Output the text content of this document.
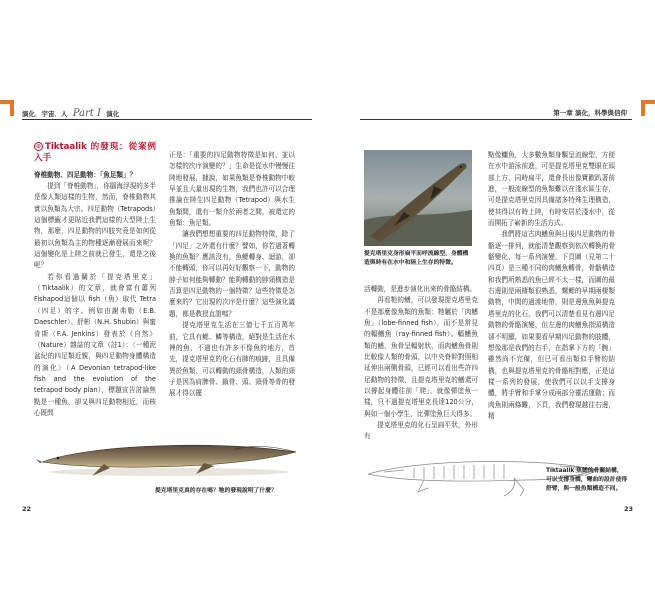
演化．宇宙．人 Part I 演化	第一章 演化，科學與信仰
⊙ Tiktaalik 的發現：從案例入手

脊椎動物、四足動物：「魚足類」？

提到「脊椎動物」，你腦海浮現的多半是像人類這樣的生物，然而，脊椎動物其實以魚類為大宗。四足動物（Tetrapods）這個標籤才更貼近我們這樣的大型陸上生物，那麼，四足動物的四肢究竟是如何從最初以魚類為主的物種逐漸發展而來呢？這個變化是上陸之前就已發生，還是之後呢？

若你看過關於「提克塔里克」（Tiktaalik）的文章，就會富有蕭列Fishapod這個以 fish（魚）取代 Tetra（四足）的字。例如由謝弗勒（E.B. Daeschler）、舒彬（N.H. Shubin）與蜜肯斯（F.A. Jenkins）發表於《自然》（Nature）雜誌的文章（註1）：〈一種泥盆紀的四足類近親，與四足動物身體構造的演化〉（A Devonian tetrapod-like fish and the evolution of the tetrapod body plan），標題宣告討論焦點是一種魚，卻又與四足動物相近，而核心既問

正是：「重要的四足動物特徵是如何、並以怎樣的次序演變的？」生命是從水中慢慢往陸地發展，據說，如果魚類是脊椎動物中較早並且大量出現的生物，我們也許可以合理推論在陸生四足動物（Tetrapod）與水生魚類間，還有一類介於兩者之間，被還定的魚類：魚足類。

讓我們想想重要的四足動物特徵，除了「四足」之外還有什麼？譬如，你若過著轉換的魚類？應該沒有，魚鰓轉身、迴游，卻不能轉頭，你可以再好好觀察一下，動物的脖子如何能夠轉動？能夠轉動的脖頸構造是否算是四足動物的一個特徵？這些特徵是怎麼來的？它出現的次序是什麼？這些演化議題，都是教授直證嗎？

提克塔里克生活在三億七千五百萬年前，它具有鰓、鱗等構造，絕對是生活在水裡的魚，不過也有許多不像魚的地方，首先，提克塔里克的化石有肺的痕跡，且具備異於魚類、可以轉動的頸骨構造，人類的頸子是因為肩脾骨、鎖骨、頭、頸骨等骨的發展才得以擺

提克塔里克真的存在嗎？牠的發現說明了什麼？
22
提克塔里克身形扁平而呼流線型，身體構造與時有在水中和陸上生存的特徵。

活轉動，是進步演化出來的骨骼結構。

再看牠的鰭，可以發現提克塔里克不是那麼像魚類的魚類：牠屬於「肉鰭魚」（lobe-finned fish），而不是常見的輻鰭魚（ray-finned fish）。輻鰭魚類的鰭，魚骨呈輻射狀，而肉鰭魚骨則比較像人類的骨頭，以中央脊幹對照相延伸出兩側骨頭，已經可以看出些許四足動物的特徵，且提克塔里克的鰭還可以撐起身體往前「爬」，就像彈塗魚一樣，只不過提克塔里克長達120公分，與如一個小學生，比彈塗魚巨大得多。

提克塔里克的化石呈扁平狀，外形有

點像鱷魚，大多數魚類身驅呈流線型，方便在水中游泳前進，可是提克塔里克雙眼在頭部上方，同時扁平，還會長出像寶歡趴著前進，一般流線型的魚類難以在淺水區生存，可是提克塔里克因具備諸多特殊生理構造，使其得以有時上陸，有時安居於淺水中，從而開拓了嶄新的生活方式。

我們將這古肉鰭魚與日後四足動物的骨骼逐一排列，就能清楚觀察到依次轉換的骨骼變化，每一系列演變，下頁圖（見第二十四頁）是三種不同的肉鰭魚轉骨，骨骼構造和我們所熟悉的魚已經不太一樣，而圖的最右邊則是兩棲類很熟悉，螺鰓的早期兩棲類動物，中間的過渡地帶，則是邊魚魚與提克塔里克的化石，我們可以清楚看見有邊四足動物的骨骼演變，但左邊的肉鰭魚指頭構造卻不明顯，如果要看早期四足動物的肢體，想像那是我們的右手，在指掌下方的「腕」雖然尚不完備，但已可看出類似手臂的結構，也與提克塔里克的骨骼相對應，正是這樣一系列的發展，使我們可以以手支撐身體，將手臂和手掌分成兩部分靈活運動；而肉魚則兩條難，下頁，我們發現越往右邊，精

Tiktaalik 魚鰭的骨關結構，可以支撐身體，彎曲的設計使得舒臂，與一般魚類構造不同。
23
